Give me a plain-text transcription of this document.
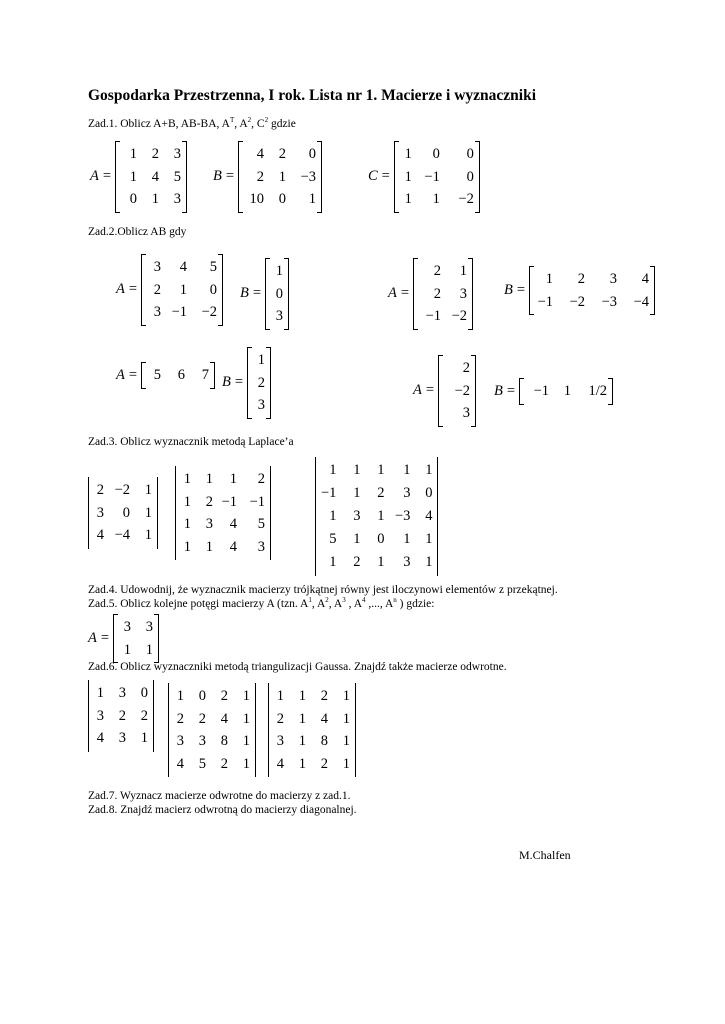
Gospodarka Przestrzenna, I rok. Lista nr 1. Macierze i wyznaczniki
Zad.1. Oblicz A+B, AB-BA, $A^T$, $A^2$, $C^2$ gdzie
A =
1	2	3
1	4	5
0	1	3
B =
4	2	0
2	1	−3
10	0	1
C =
1	0	0
1	−1	0
1	1	−2
Zad.2.Oblicz AB gdy
A =
3	4	5
2	1	0
3	−1	−2
B =
1
0
3
A =
2	1
2	3
−1	−2
B =
1	2	3	4
−1	−2	−3	−4
A = 5	6	7 B =
1
2
3
A =
2
−2
3
B = −1	1	1/2
Zad.3. Oblicz wyznacznik metodą Laplace’a
2	−2	1
3	0	1
4	−4	1
1	1	1	2
1	2	−1	−1
1	3	4	5
1	1	4	3
1	1	1	1	1
−1	1	2	3	0
1	3	1	−3	4
5	1	0	1	1
1	2	1	3	1
Zad.4. Udowodnij, że wyznacznik macierzy trójkątnej równy jest iloczynowi elementów z przekątnej.
Zad.5. Oblicz kolejne potęgi macierzy A (tzn. $A^1$, $A^2$, $A^3$ , $A^4$ ,..., $A^n$ ) gdzie:
A =
3	3
1	1
Zad.6. Oblicz wyznaczniki metodą triangulizacji Gaussa. Znajdź także macierze odwrotne.
1	3	0
3	2	2
4	3	1
1	0	2	1
2	2	4	1
3	3	8	1
4	5	2	1
1	1	2	1
2	1	4	1
3	1	8	1
4	1	2	1
Zad.7. Wyznacz macierze odwrotne do macierzy z zad.1.
Zad.8. Znajdź macierz odwrotną do macierzy diagonalnej.
M.Chalfen
